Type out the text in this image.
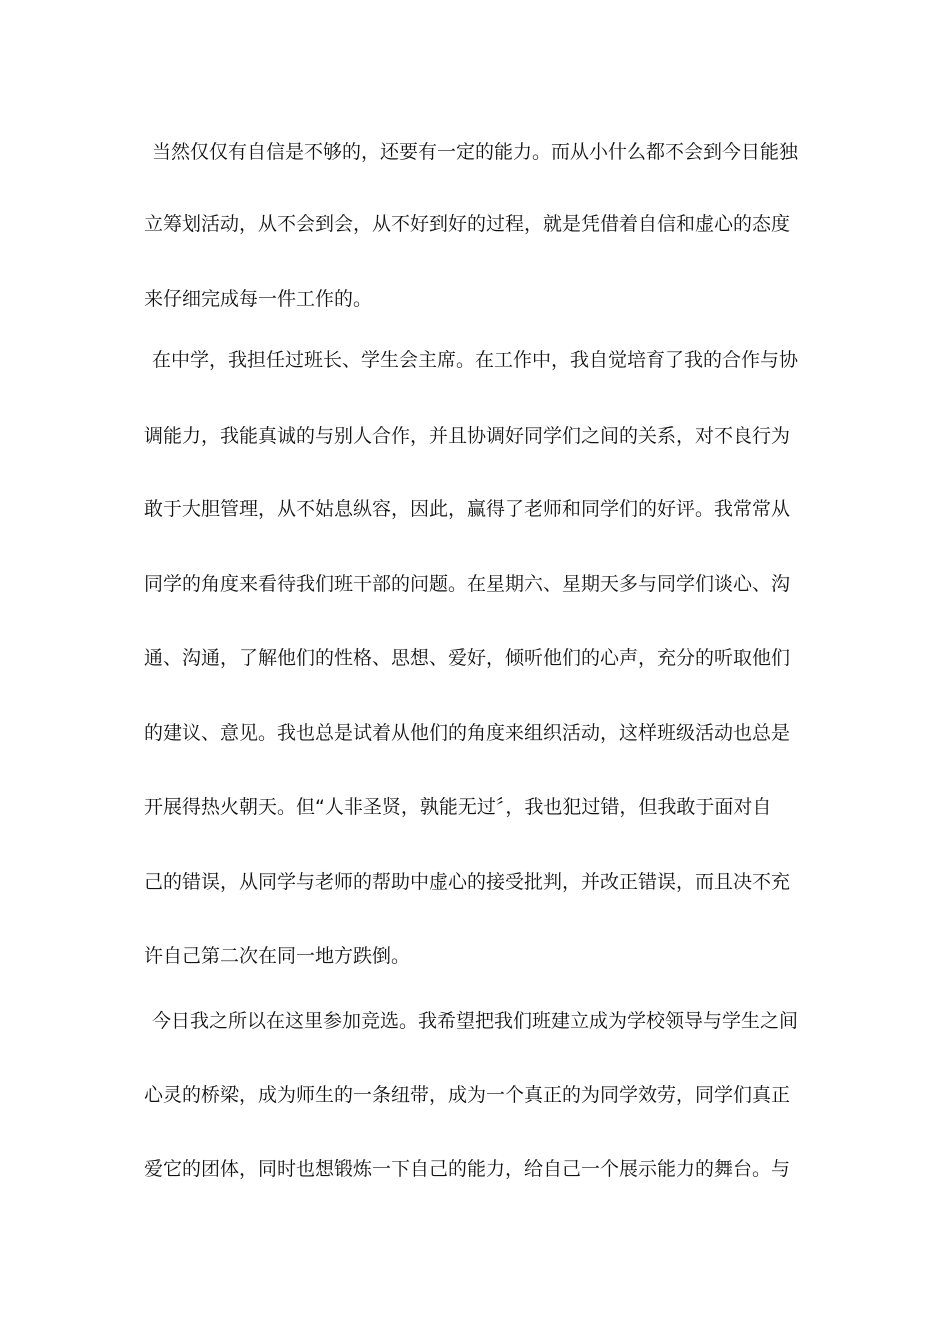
当然仅仅有自信是不够的，还要有一定的能力。而从小什么都不会到今日能独
立筹划活动，从不会到会，从不好到好的过程，就是凭借着自信和虚心的态度
来仔细完成每一件工作的。
在中学，我担任过班长、学生会主席。在工作中，我自觉培育了我的合作与协
调能力，我能真诚的与别人合作，并且协调好同学们之间的关系，对不良行为
敢于大胆管理，从不姑息纵容，因此，赢得了老师和同学们的好评。我常常从
同学的角度来看待我们班干部的问题。在星期六、星期天多与同学们谈心、沟
通、沟通，了解他们的性格、思想、爱好，倾听他们的心声，充分的听取他们
的建议、意见。我也总是试着从他们的角度来组织活动，这样班级活动也总是
开展得热火朝天。但“人非圣贤，孰能无过〞，我也犯过错，但我敢于面对自
己的错误，从同学与老师的帮助中虚心的接受批判，并改正错误，而且决不充
许自己第二次在同一地方跌倒。
今日我之所以在这里参加竞选。我希望把我们班建立成为学校领导与学生之间
心灵的桥梁，成为师生的一条纽带，成为一个真正的为同学效劳，同学们真正
爱它的团体，同时也想锻炼一下自己的能力，给自己一个展示能力的舞台。与
